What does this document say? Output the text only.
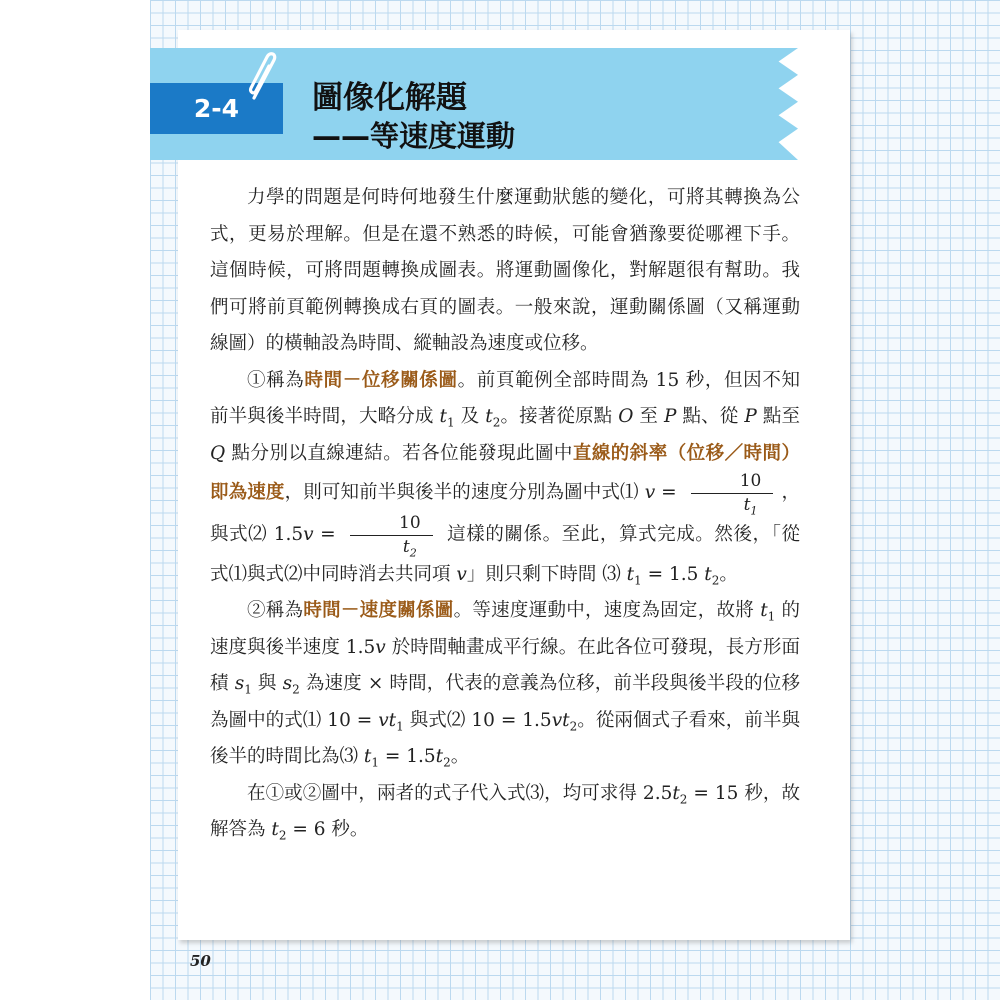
2-4	圖像化解題
——等速度運動

力學的問題是何時何地發生什麼運動狀態的變化，可將其轉換為公式，更易於理解。但是在還不熟悉的時候，可能會猶豫要從哪裡下手。這個時候，可將問題轉換成圖表。將運動圖像化，對解題很有幫助。我們可將前頁範例轉換成右頁的圖表。一般來說，運動關係圖（又稱運動線圖）的橫軸設為時間、縱軸設為速度或位移。

①稱為時間－位移關係圖。前頁範例全部時間為 15 秒，但因不知前半與後半時間，大略分成 $t_1$ 及 $t_2$。接著從原點 O 至 P 點、從 P 點至 Q 點分別以直線連結。若各位能發現此圖中直線的斜率（位移／時間）即為速度，則可知前半與後半的速度分別為圖中式⑴ $v = \frac{10}{t_1}$ ，與式⑵ $1.5v = \frac{10}{t_2}$ 這樣的關係。至此，算式完成。然後，「從式⑴與式⑵中同時消去共同項 v」則只剩下時間 ⑶ $t_1 = 1.5$ $t_2$。

②稱為時間－速度關係圖。等速度運動中，速度為固定，故將 $t_1$ 的速度與後半速度 1.5v 於時間軸畫成平行線。在此各位可發現，長方形面積 $s_1$ 與 $s_2$ 為速度 × 時間，代表的意義為位移，前半段與後半段的位移為圖中的式⑴ $10 = vt_1$ 與式⑵ $10 = 1.5vt_2$。從兩個式子看來，前半與後半的時間比為⑶ $t_1 = 1.5t_2$。

在①或②圖中，兩者的式子代入式⑶，均可求得 $2.5t_2 = 15$ 秒，故解答為 $t_2 = 6$ 秒。

50
